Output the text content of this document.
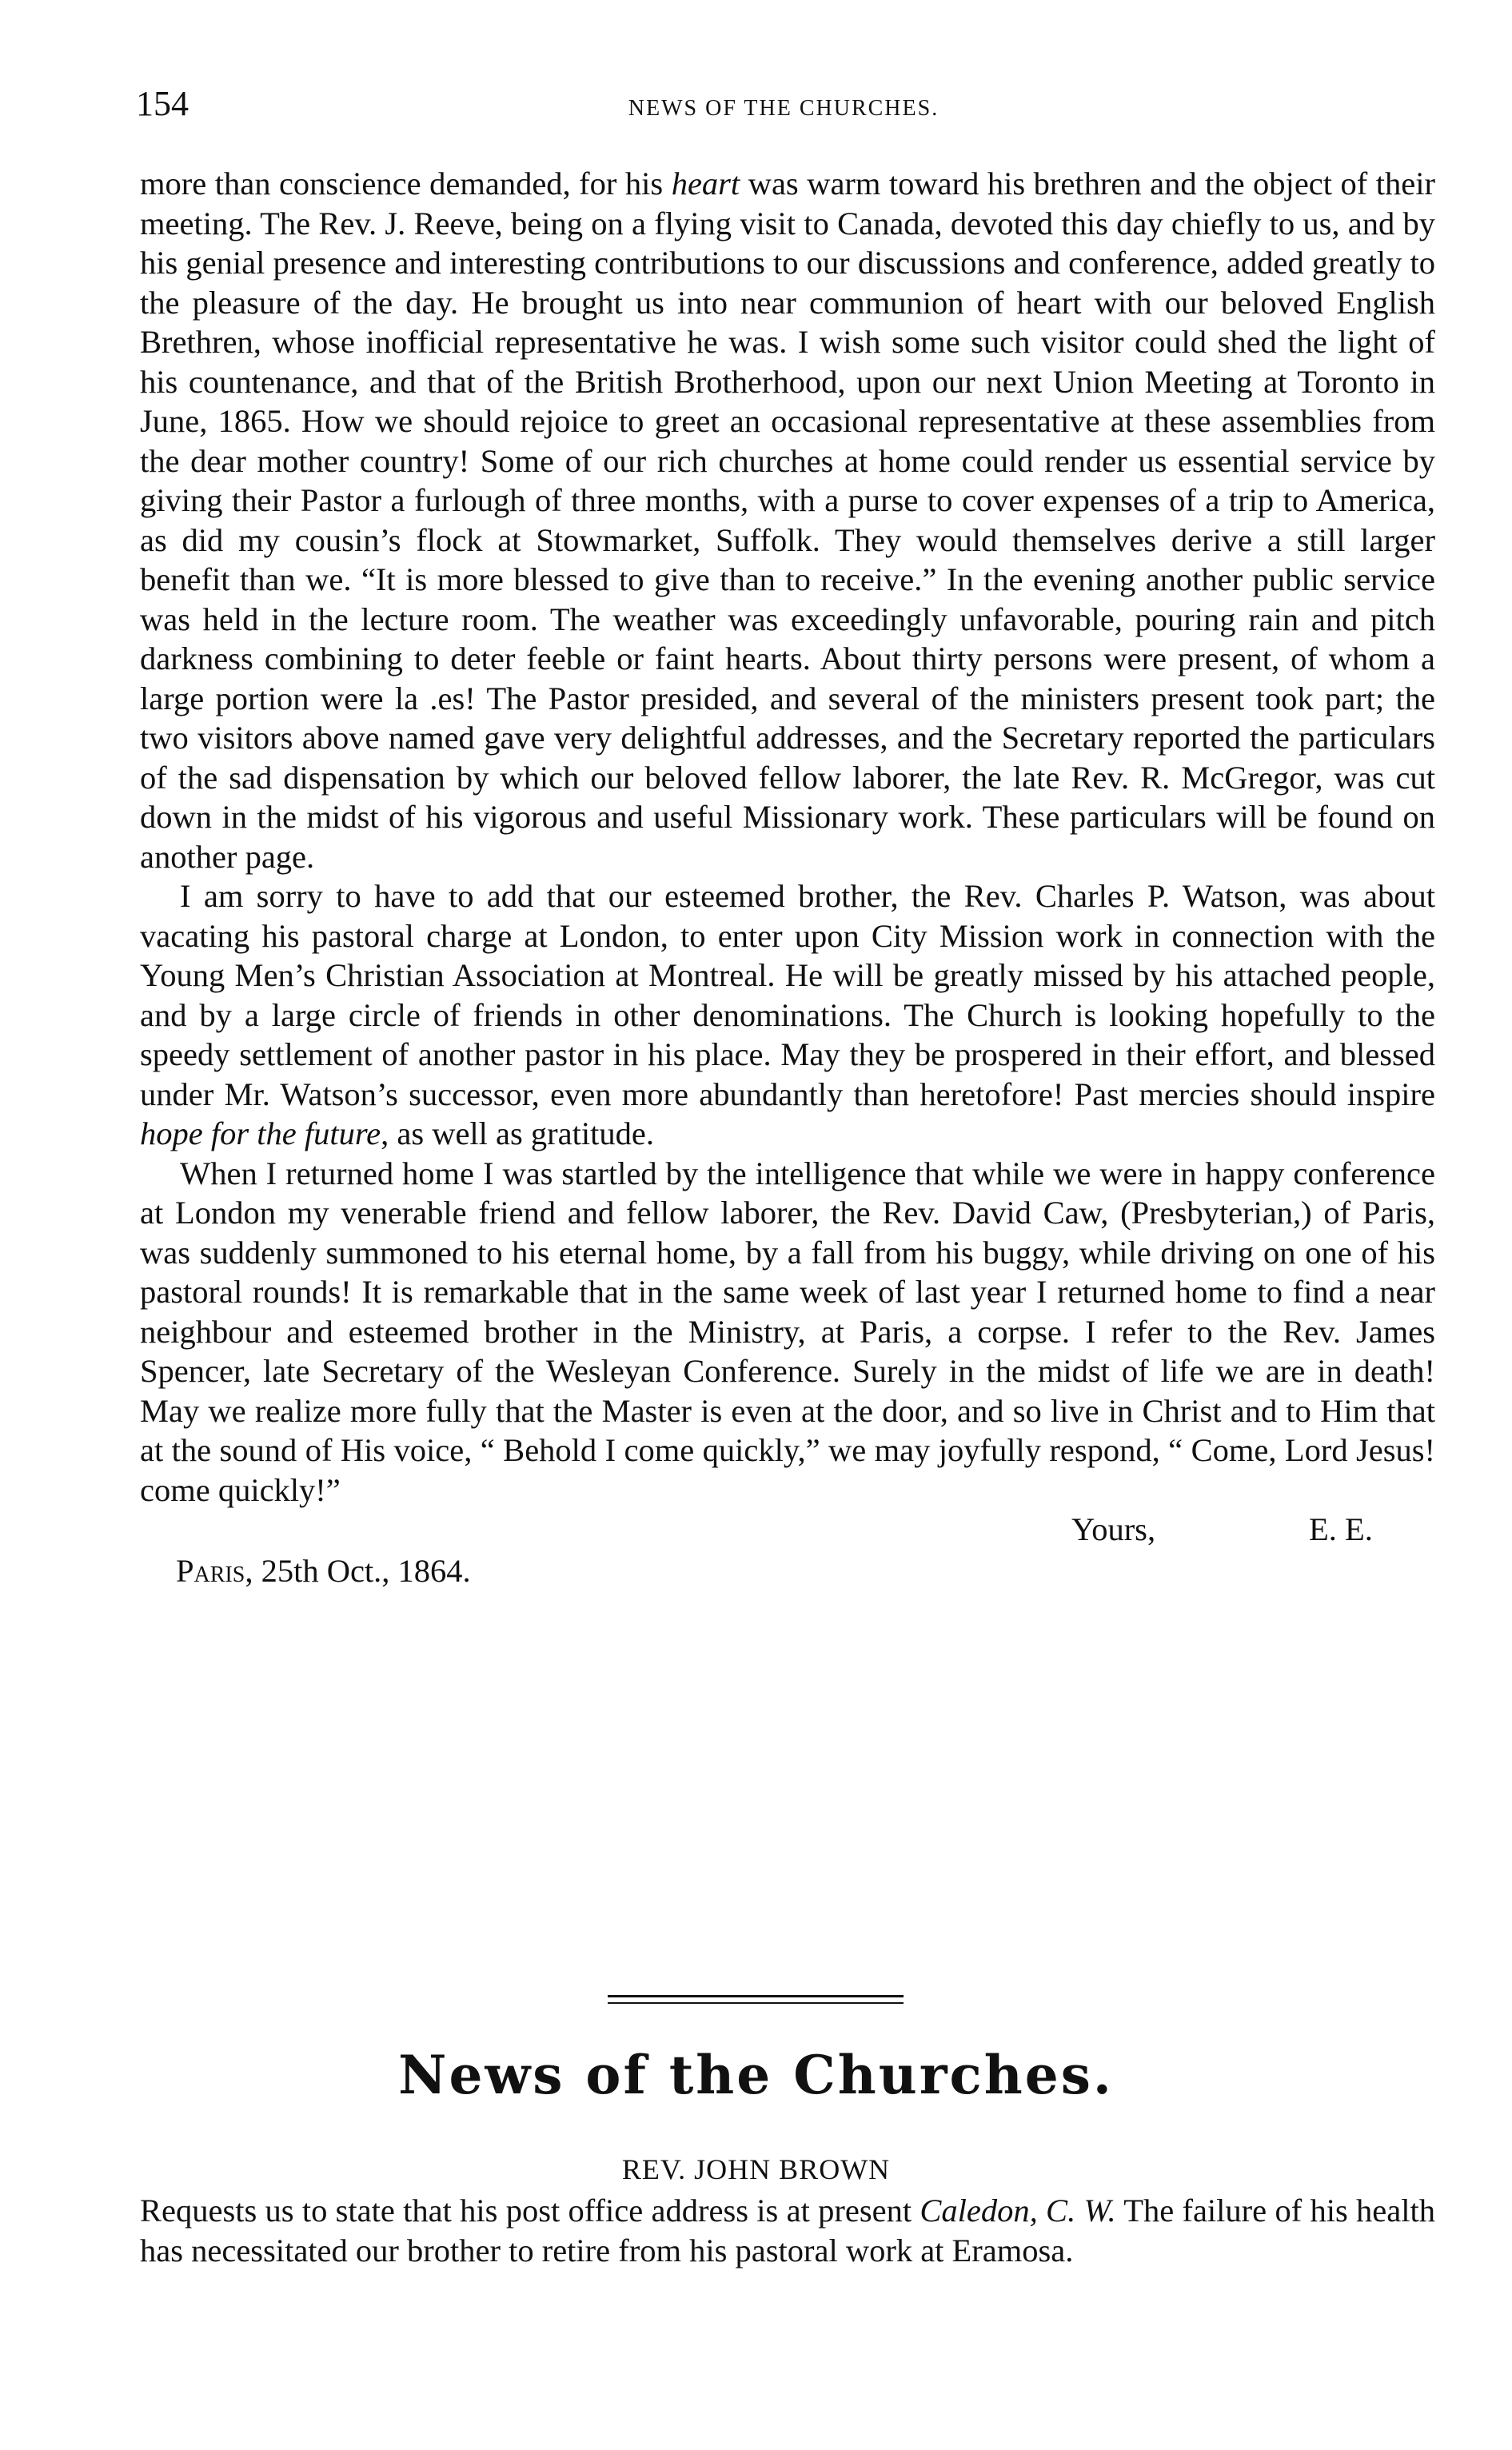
154	NEWS OF THE CHURCHES.

more than conscience demanded, for his heart was warm toward his brethren and the object of their meeting. The Rev. J. Reeve, being on a flying visit to Canada, devoted this day chiefly to us, and by his genial presence and interesting contributions to our discussions and conference, added greatly to the pleasure of the day. He brought us into near communion of heart with our beloved English Brethren, whose inofficial representative he was. I wish some such visitor could shed the light of his countenance, and that of the British Brotherhood, upon our next Union Meeting at Toronto in June, 1865. How we should rejoice to greet an occasional representative at these assemblies from the dear mother country! Some of our rich churches at home could render us essential service by giving their Pastor a furlough of three months, with a purse to cover expenses of a trip to America, as did my cousin’s flock at Stowmarket, Suffolk. They would themselves derive a still larger benefit than we. “It is more blessed to give than to receive.” In the evening another public service was held in the lecture room. The weather was exceedingly unfavorable, pouring rain and pitch darkness combining to deter feeble or faint hearts. About thirty persons were present, of whom a large portion were la⁠ .es! The Pastor presided, and several of the ministers present took part; the two visitors above named gave very delightful addresses, and the Secretary reported the particulars of the sad dispensation by which our beloved fellow laborer, the late Rev. R. McGregor, was cut down in the midst of his vigorous and useful Missionary work. These particulars will be found on another page.

I am sorry to have to add that our esteemed brother, the Rev. Charles P. Watson, was about vacating his pastoral charge at London, to enter upon City Mission work in connection with the Young Men’s Christian Association at Montreal. He will be greatly missed by his attached people, and by a large circle of friends in other denominations. The Church is looking hopefully to the speedy settlement of another pastor in his place. May they be prospered in their effort, and blessed under Mr. Watson’s successor, even more abundantly than heretofore! Past mercies should inspire hope for the future, as well as gratitude.

When I returned home I was startled by the intelligence that while we were in happy conference at London my venerable friend and fellow laborer, the Rev. David Caw, (Presbyterian,) of Paris, was suddenly summoned to his eternal home, by a fall from his buggy, while driving on one of his pastoral rounds! It is remarkable that in the same week of last year I returned home to find a near neighbour and esteemed brother in the Ministry, at Paris, a corpse. I refer to the Rev. James Spencer, late Secretary of the Wesleyan Conference. Surely in the midst of life we are in death! May we realize more fully that the Master is even at the door, and so live in Christ and to Him that at the sound of His voice, “ Behold I come quickly,” we may joyfully respond, “ Come, Lord Jesus! come quickly!”

Yours,	E. E.
Paris, 25th Oct., 1864.
News of the Churches.
REV. JOHN BROWN

Requests us to state that his post office address is at present Caledon, C. W. The failure of his health has necessitated our brother to retire from his pastoral work at Eramosa.
